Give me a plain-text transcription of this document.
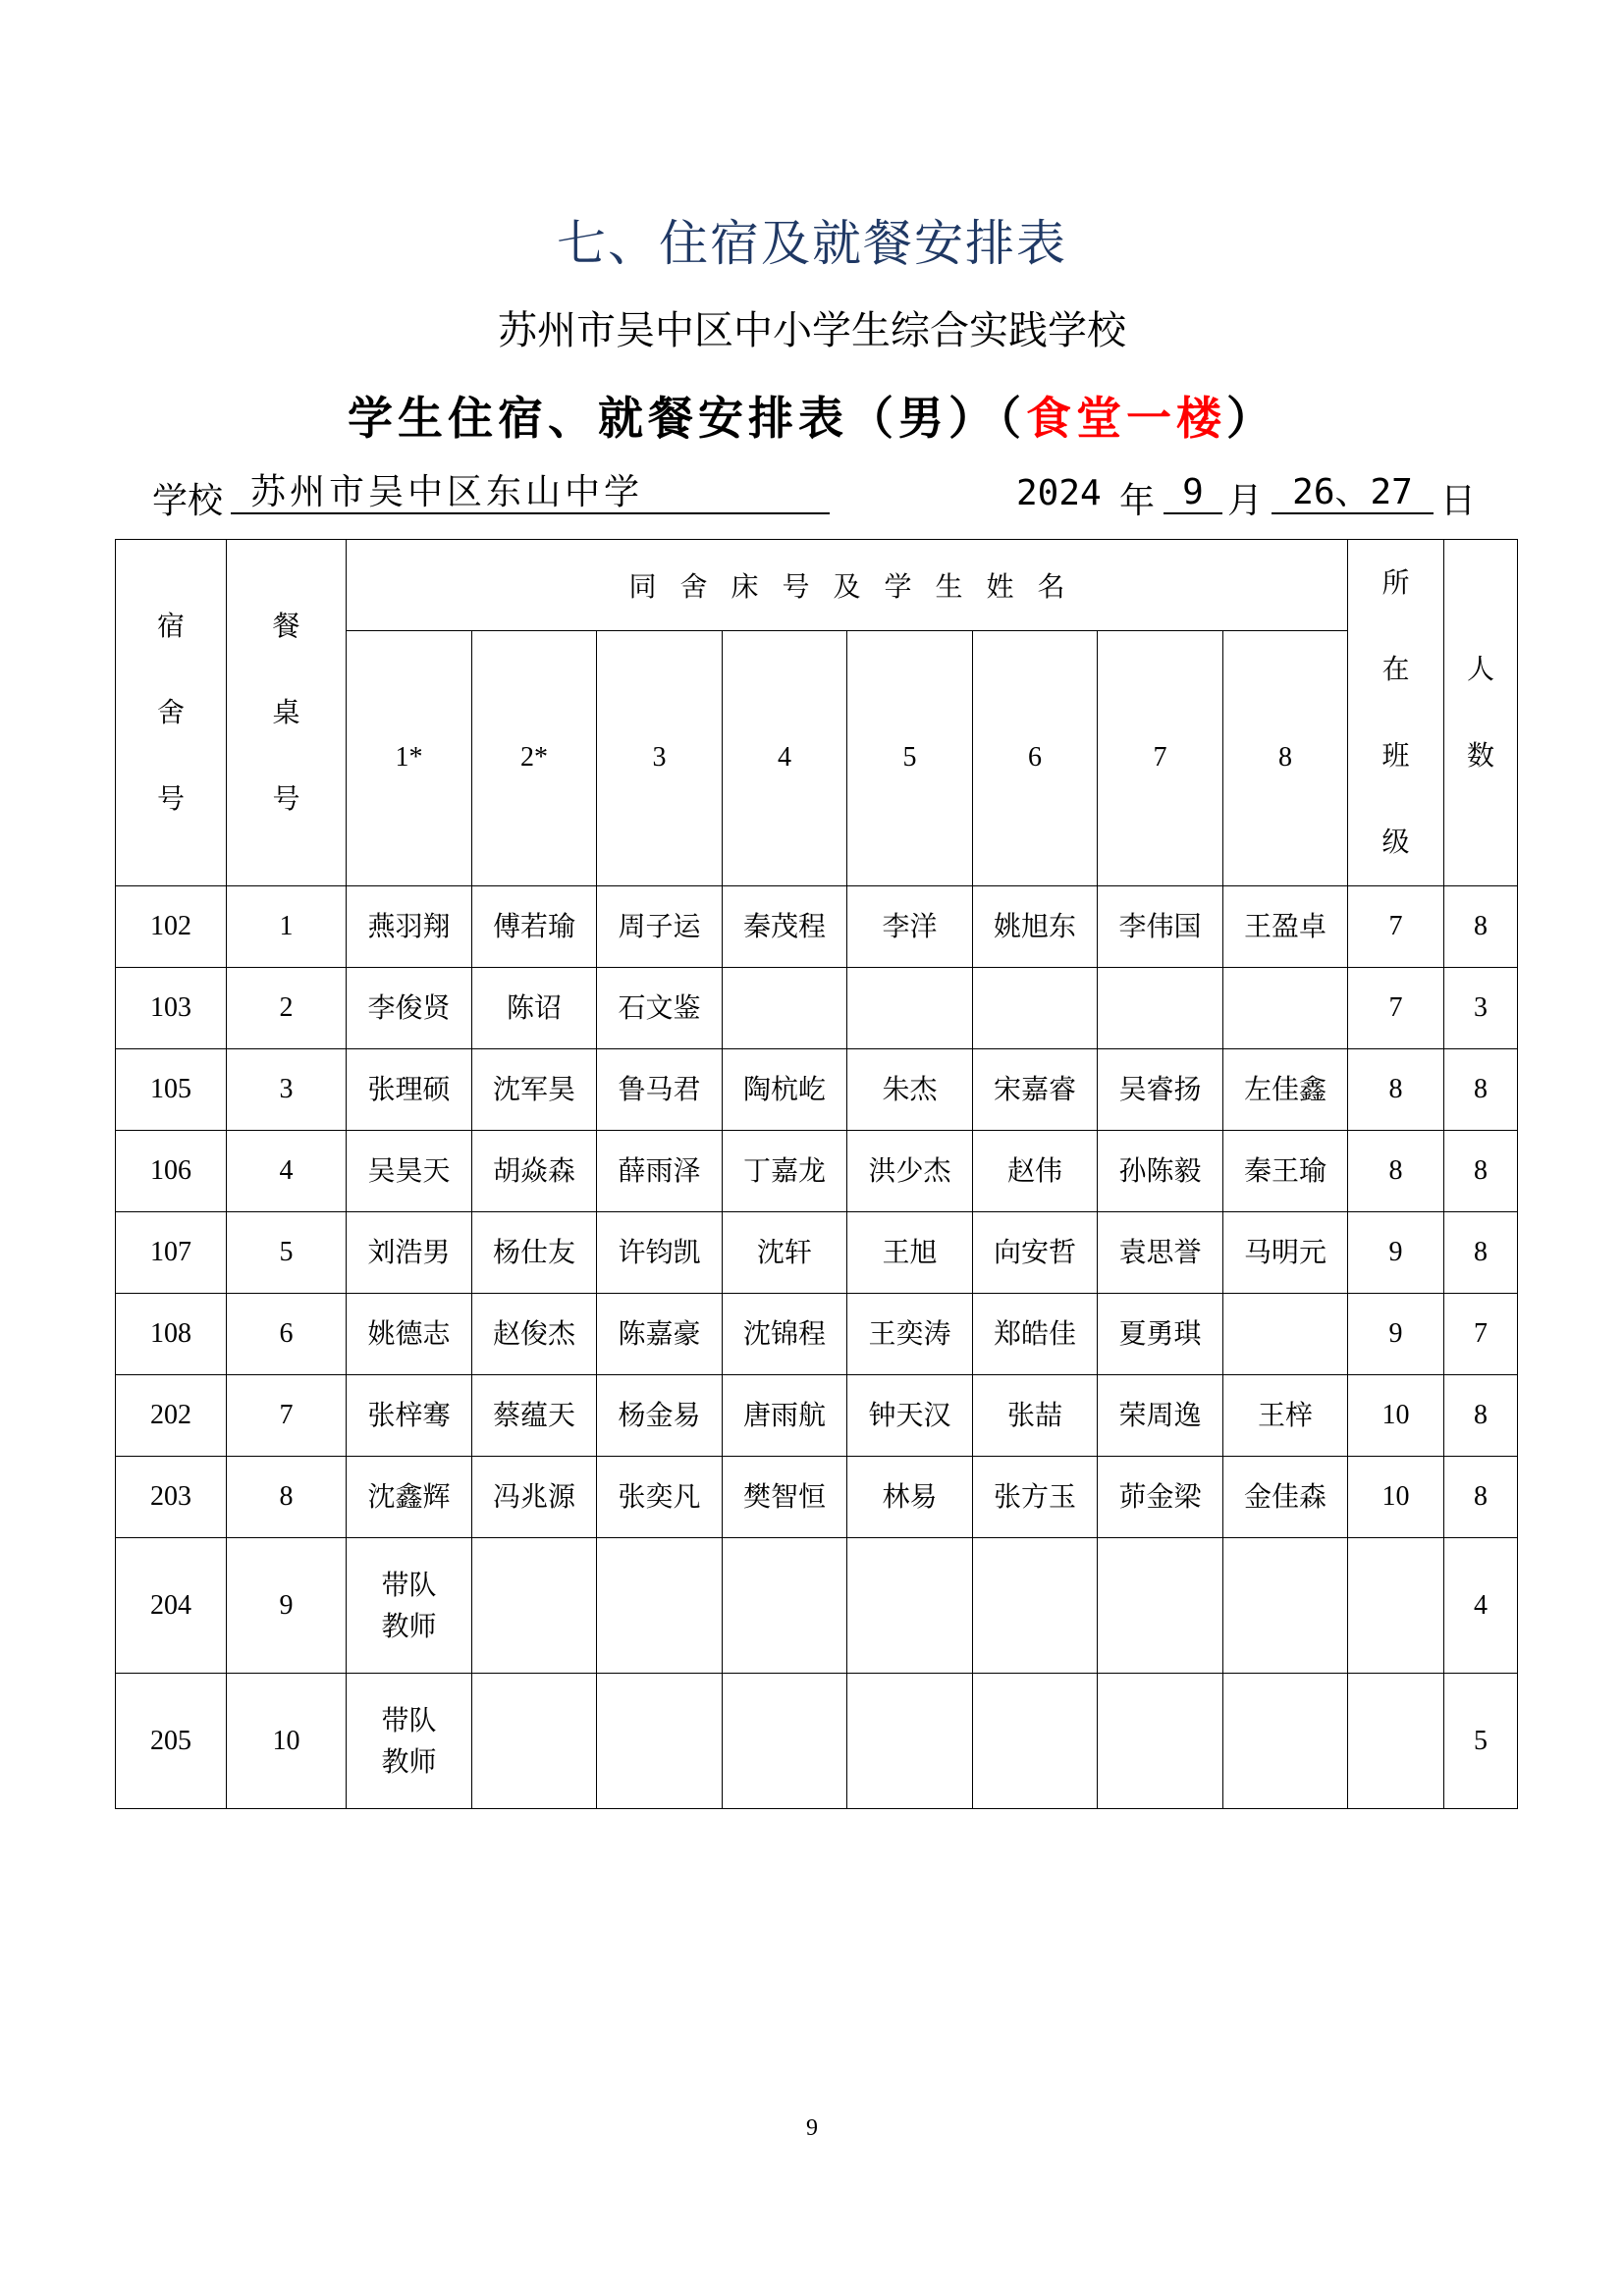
七、住宿及就餐安排表
苏州市吴中区中小学生综合实践学校
学生住宿、就餐安排表（男）（食堂一楼）
学校 苏州市吴中区东山中学	2024 年 9 月 26、27 日
宿舍号	餐桌号	同舍床号及学生姓名								所在班级	人数

		1*	2*	3	4	5	6	7	8		
102	1	燕羽翔	傅若瑜	周子运	秦茂程	李洋	姚旭东	李伟国	王盈卓	7	8
103	2	李俊贤	陈诏	石文鉴						7	3
105	3	张理硕	沈军昊	鲁马君	陶杭屹	朱杰	宋嘉睿	吴睿扬	左佳鑫	8	8
106	4	吴昊天	胡焱森	薛雨泽	丁嘉龙	洪少杰	赵伟	孙陈毅	秦王瑜	8	8
107	5	刘浩男	杨仕友	许钧凯	沈轩	王旭	向安哲	袁思誉	马明元	9	8
108	6	姚德志	赵俊杰	陈嘉豪	沈锦程	王奕涛	郑皓佳	夏勇琪		9	7
202	7	张梓骞	蔡蕴天	杨金易	唐雨航	钟天汉	张喆	荣周逸	王梓	10	8
203	8	沈鑫辉	冯兆源	张奕凡	樊智恒	林易	张方玉	茆金梁	金佳森	10	8
204	9	带队教师									4
205	10	带队教师									5
9
